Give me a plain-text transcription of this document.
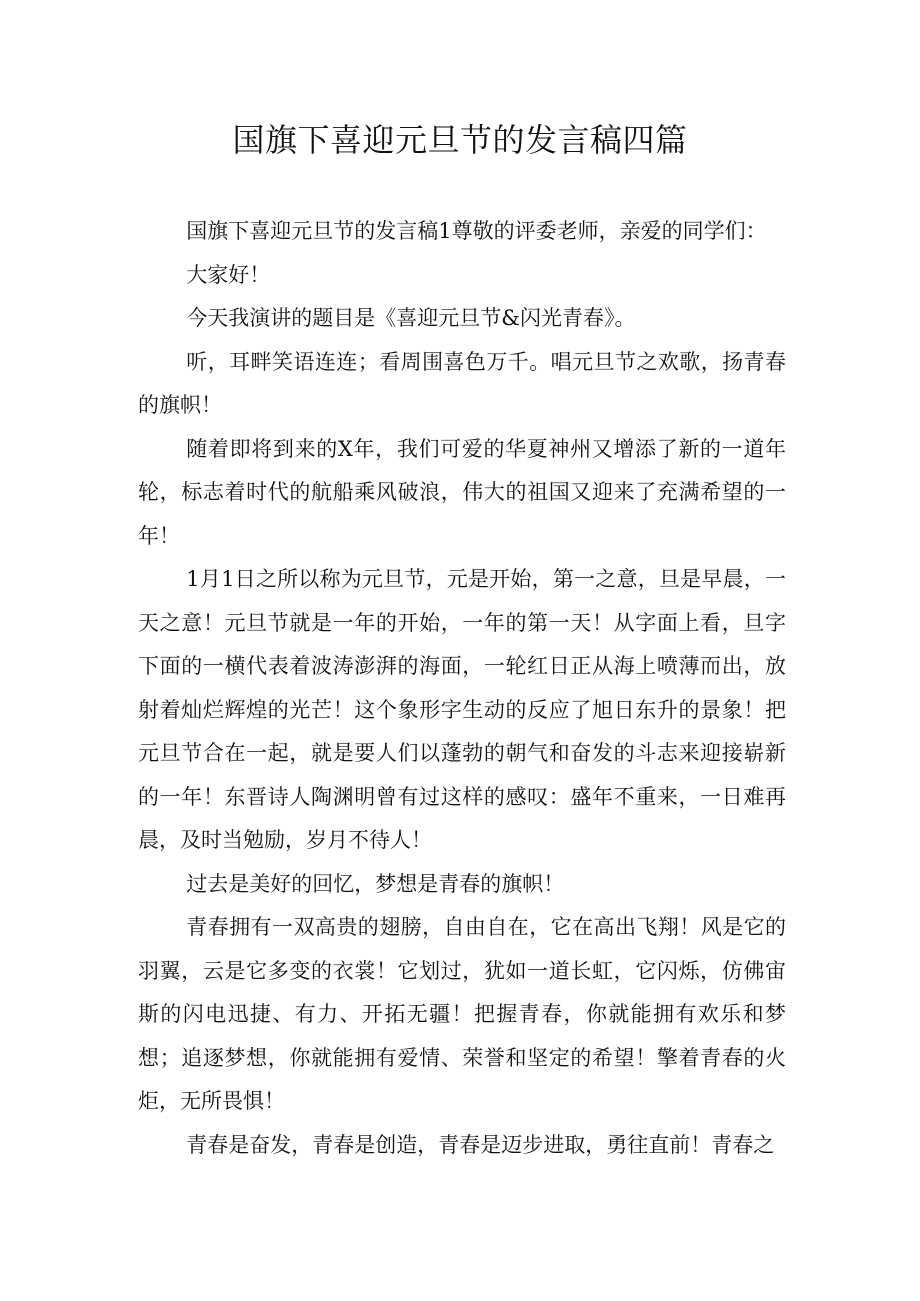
国旗下喜迎元旦节的发言稿四篇

国旗下喜迎元旦节的发言稿1尊敬的评委老师，亲爱的同学们：

大家好！

今天我演讲的题目是《喜迎元旦节&闪光青春》。

听，耳畔笑语连连；看周围喜色万千。唱元旦节之欢歌，扬青春的旗帜！

随着即将到来的X年，我们可爱的华夏神州又增添了新的一道年轮，标志着时代的航船乘风破浪，伟大的祖国又迎来了充满希望的一年！

1月1日之所以称为元旦节，元是开始，第一之意，旦是早晨，一天之意！元旦节就是一年的开始，一年的第一天！从字面上看，旦字下面的一横代表着波涛澎湃的海面，一轮红日正从海上喷薄而出，放射着灿烂辉煌的光芒！这个象形字生动的反应了旭日东升的景象！把元旦节合在一起，就是要人们以蓬勃的朝气和奋发的斗志来迎接崭新的一年！东晋诗人陶渊明曾有过这样的感叹：盛年不重来，一日难再晨，及时当勉励，岁月不待人！

过去是美好的回忆，梦想是青春的旗帜！

青春拥有一双高贵的翅膀，自由自在，它在高出飞翔！风是它的羽翼，云是它多变的衣裳！它划过，犹如一道长虹，它闪烁，仿佛宙斯的闪电迅捷、有力、开拓无疆！把握青春，你就能拥有欢乐和梦想；追逐梦想，你就能拥有爱情、荣誉和坚定的希望！擎着青春的火炬，无所畏惧！

青春是奋发，青春是创造，青春是迈步进取，勇往直前！青春之
